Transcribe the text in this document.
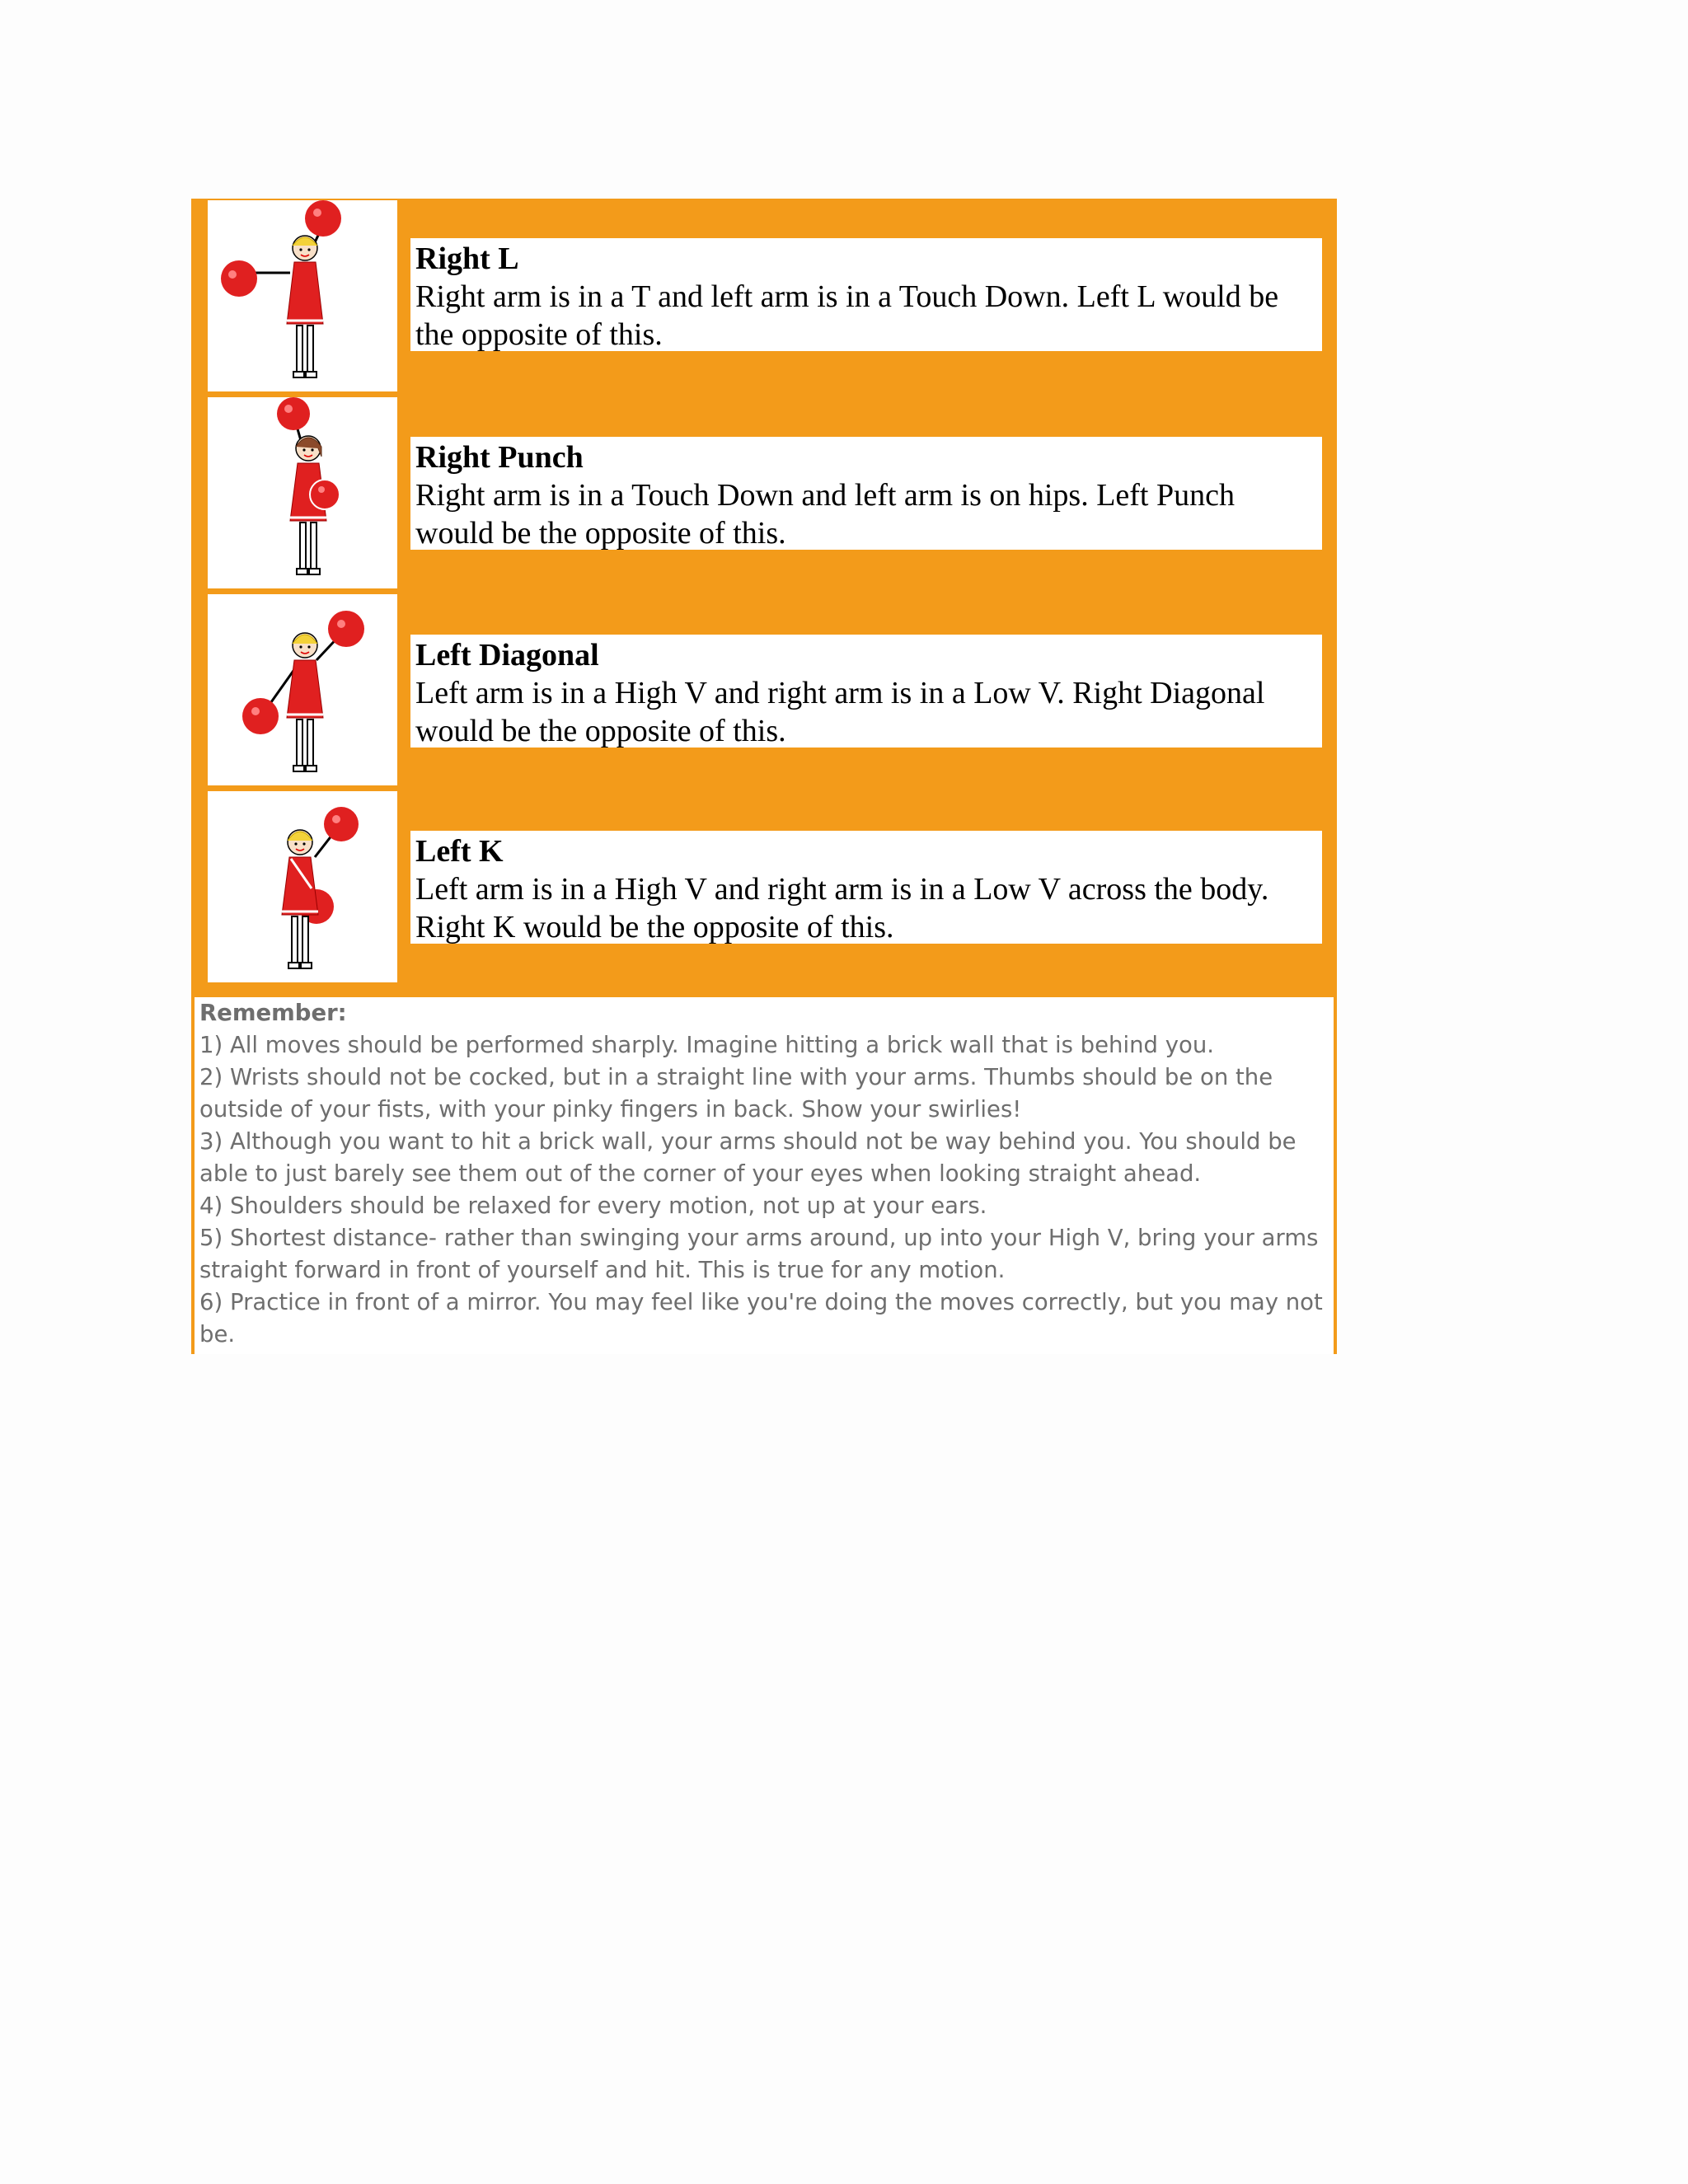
Right L
Right arm is in a T and left arm is in a Touch Down. Left L would be the opposite of this.
Right Punch
Right arm is in a Touch Down and left arm is on hips. Left Punch would be the opposite of this.
Left Diagonal
Left arm is in a High V and right arm is in a Low V. Right Diagonal would be the opposite of this.
Left K
Left arm is in a High V and right arm is in a Low V across the body. Right K would be the opposite of this.
Remember:
1) All moves should be performed sharply. Imagine hitting a brick wall that is behind you.
2) Wrists should not be cocked, but in a straight line with your arms. Thumbs should be on the outside of your fists, with your pinky fingers in back. Show your swirlies!
3) Although you want to hit a brick wall, your arms should not be way behind you. You should be able to just barely see them out of the corner of your eyes when looking straight ahead.
4) Shoulders should be relaxed for every motion, not up at your ears.
5) Shortest distance- rather than swinging your arms around, up into your High V, bring your arms straight forward in front of yourself and hit. This is true for any motion.
6) Practice in front of a mirror. You may feel like you're doing the moves correctly, but you may not be.
